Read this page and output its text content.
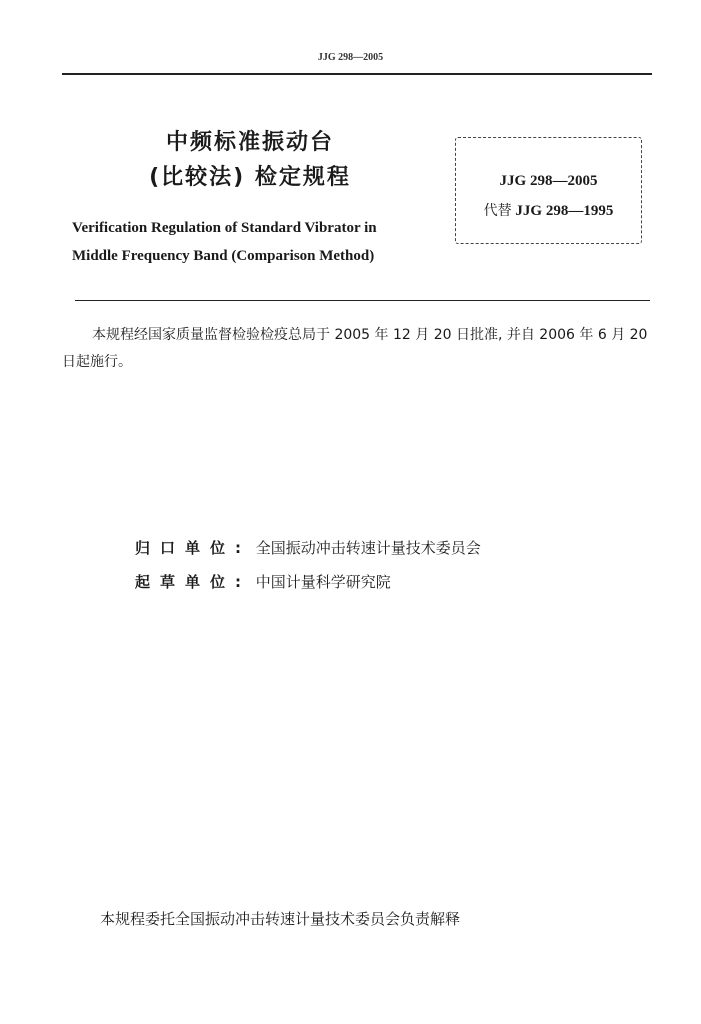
JJG 298—2005
中频标准振动台
(比较法) 检定规程
Verification Regulation of Standard Vibrator in
Middle Frequency Band (Comparison Method)
JJG 298—2005
代替 JJG 298—1995
本规程经国家质量监督检验检疫总局于 2005 年 12 月 20 日批准, 并自 2006 年 6 月 20 日起施行。
归口单位: 全国振动冲击转速计量技术委员会
起草单位: 中国计量科学研究院
本规程委托全国振动冲击转速计量技术委员会负责解释
